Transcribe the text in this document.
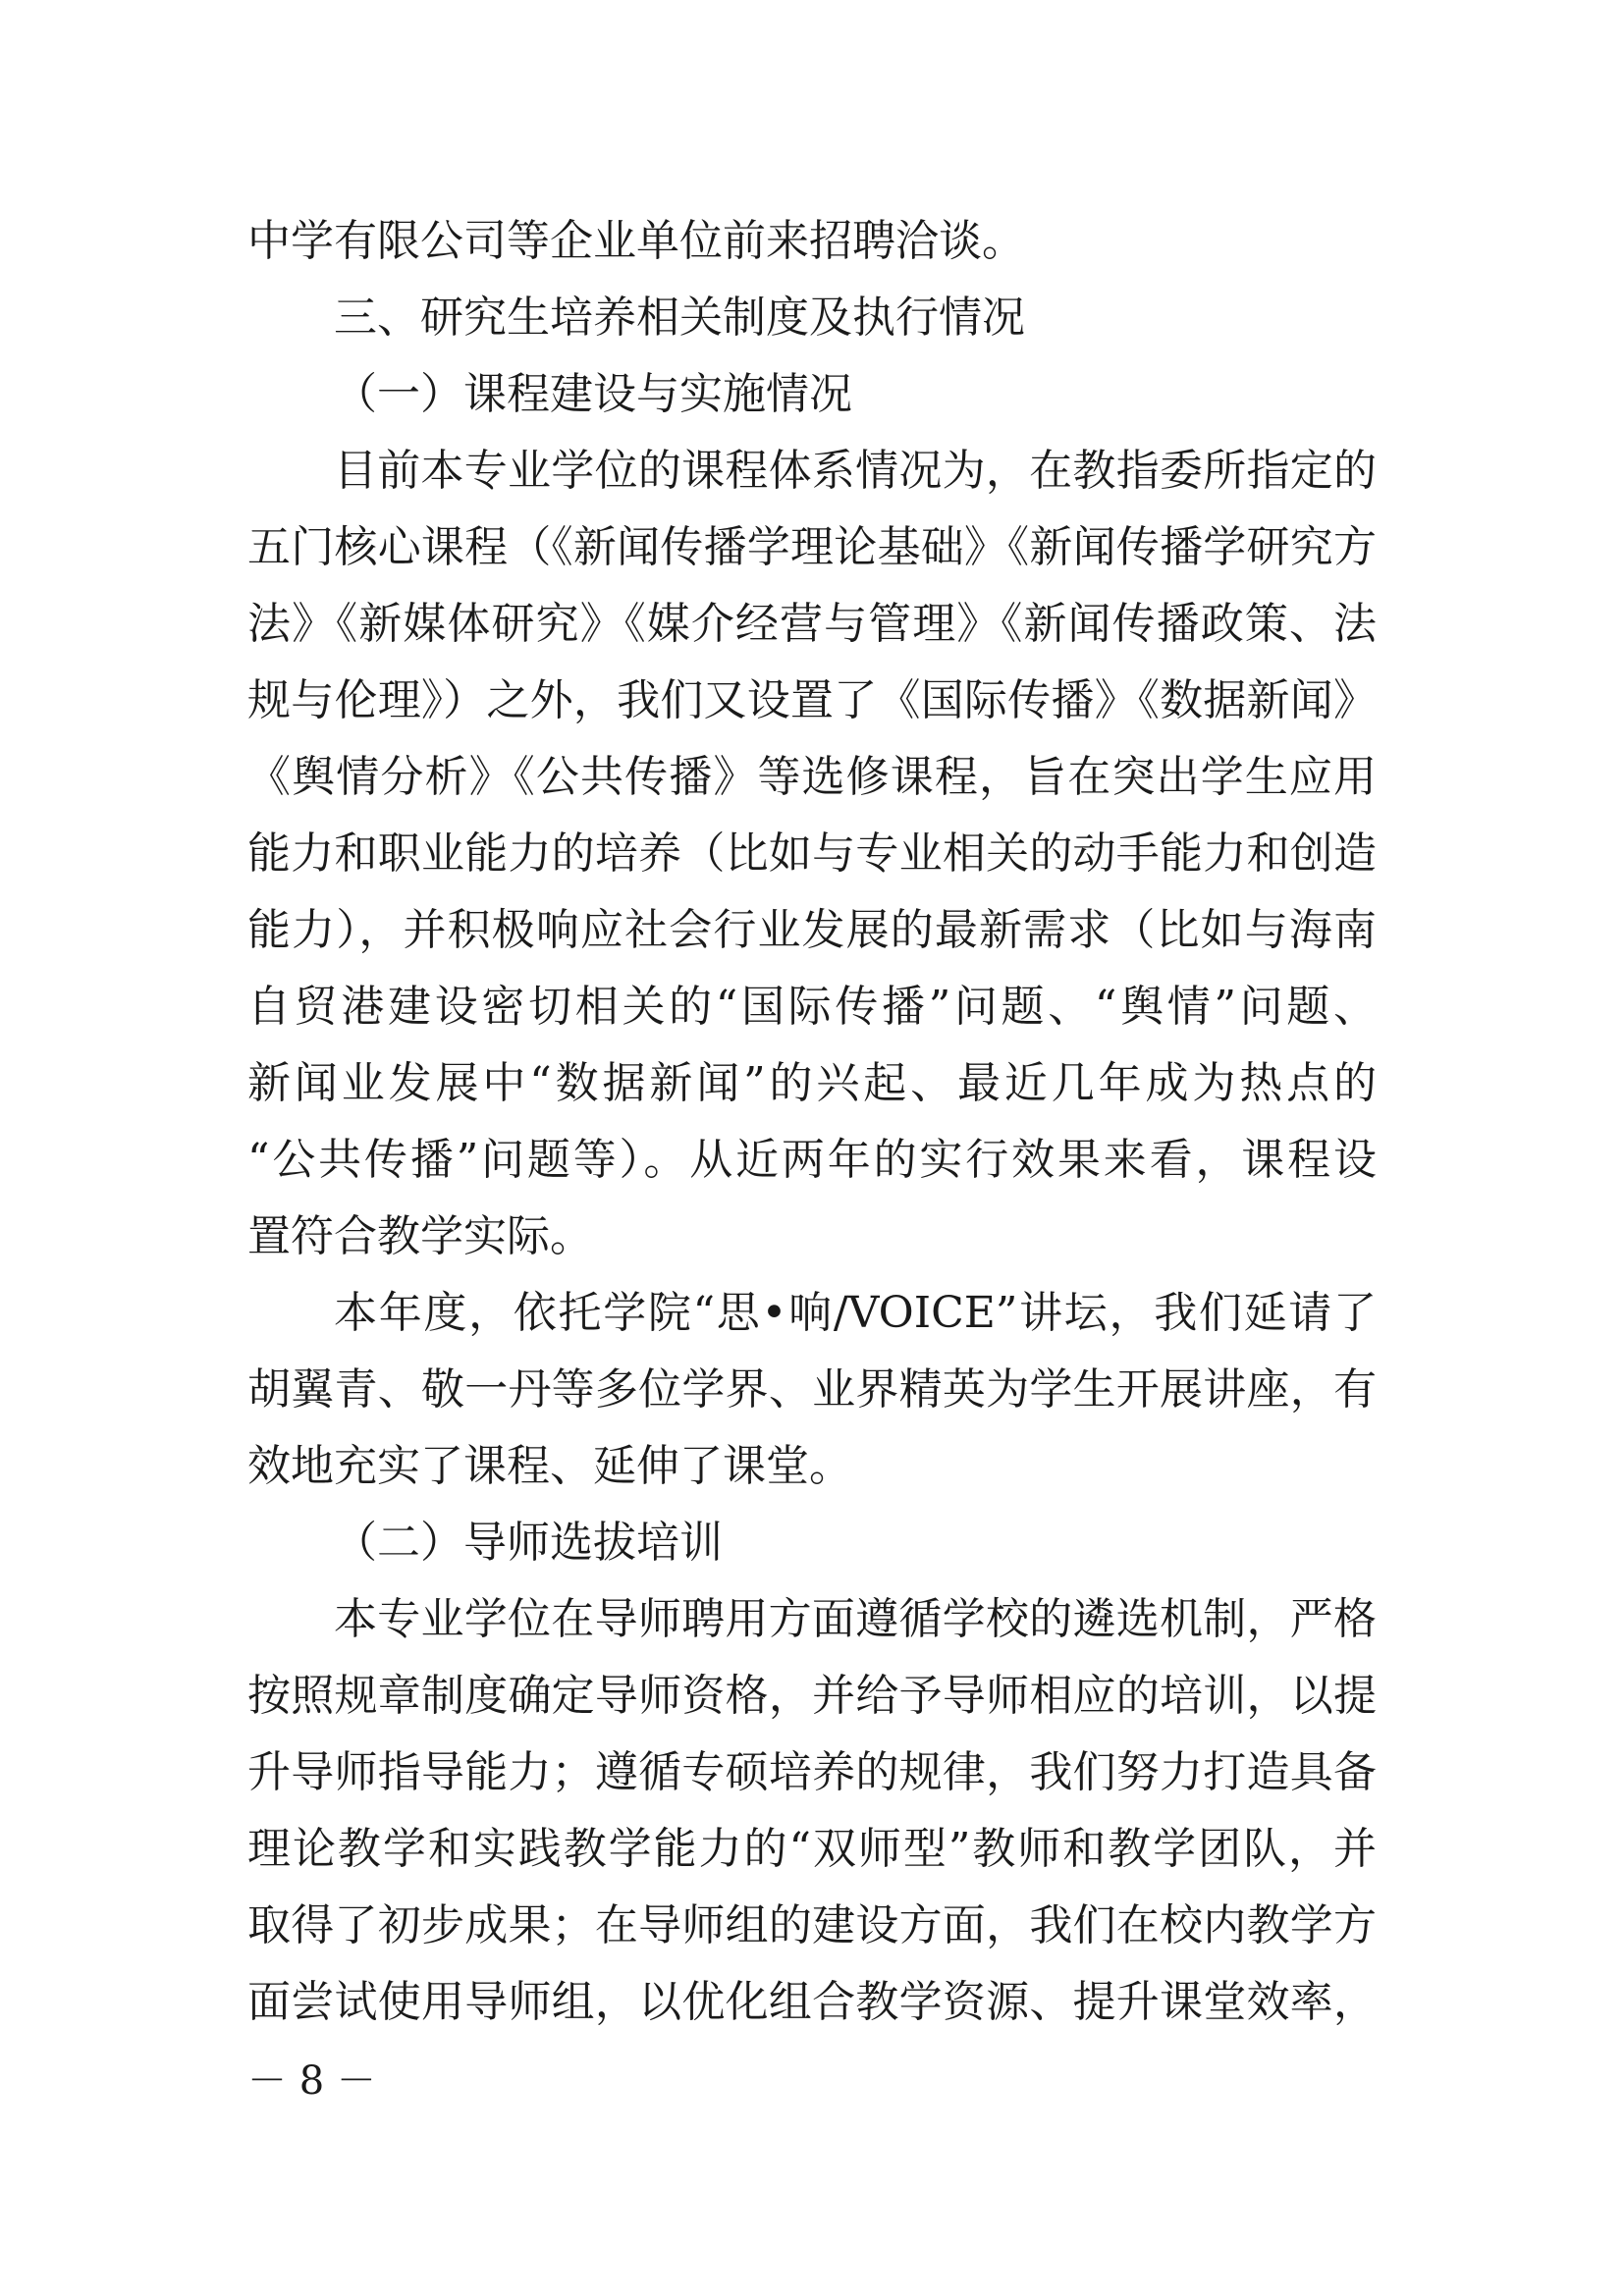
中学有限公司等企业单位前来招聘洽谈。
三、研究生培养相关制度及执行情况
（一）课程建设与实施情况
目前本专业学位的课程体系情况为，在教指委所指定的
五门核心课程（《新闻传播学理论基础》《新闻传播学研究方
法》《新媒体研究》《媒介经营与管理》《新闻传播政策、法
规与伦理》）之外，我们又设置了《国际传播》《数据新闻》
《舆情分析》《公共传播》等选修课程，旨在突出学生应用
能力和职业能力的培养（比如与专业相关的动手能力和创造
能力），并积极响应社会行业发展的最新需求（比如与海南
自贸港建设密切相关的“国际传播”问题、“舆情”问题、
新闻业发展中“数据新闻”的兴起、最近几年成为热点的
“公共传播”问题等）。从近两年的实行效果来看，课程设
置符合教学实际。
本年度，依托学院“思•响/VOICE”讲坛，我们延请了
胡翼青、敬一丹等多位学界、业界精英为学生开展讲座，有
效地充实了课程、延伸了课堂。
（二）导师选拔培训
本专业学位在导师聘用方面遵循学校的遴选机制，严格
按照规章制度确定导师资格，并给予导师相应的培训，以提
升导师指导能力；遵循专硕培养的规律，我们努力打造具备
理论教学和实践教学能力的“双师型”教师和教学团队，并
取得了初步成果；在导师组的建设方面，我们在校内教学方
面尝试使用导师组，以优化组合教学资源、提升课堂效率，
－ 8 －
